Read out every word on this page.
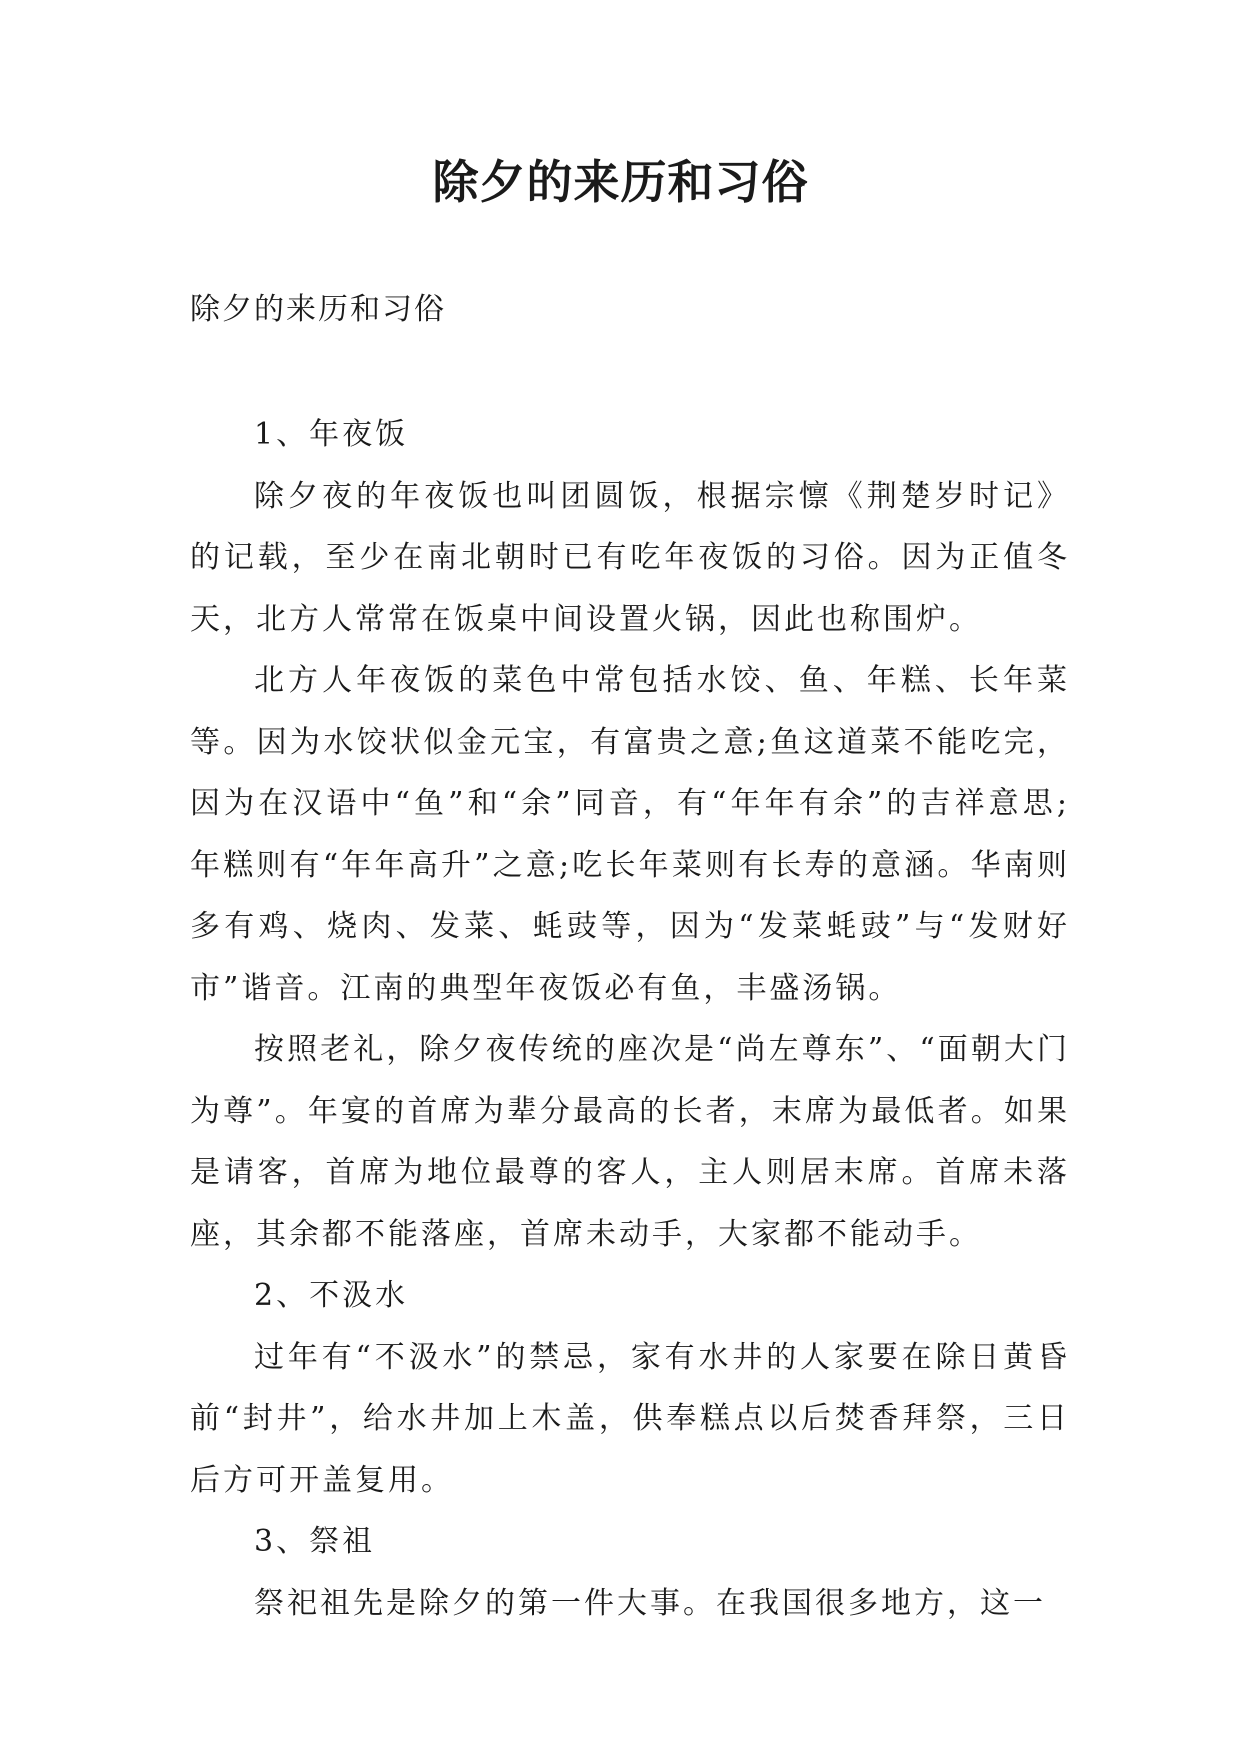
除夕的来历和习俗

除夕的来历和习俗

1、年夜饭

除夕夜的年夜饭也叫团圆饭，根据宗懔《荆楚岁时记》的记载，至少在南北朝时已有吃年夜饭的习俗。因为正值冬天，北方人常常在饭桌中间设置火锅，因此也称围炉。

北方人年夜饭的菜色中常包括水饺、鱼、年糕、长年菜等。因为水饺状似金元宝，有富贵之意;鱼这道菜不能吃完，因为在汉语中“鱼”和“余”同音，有“年年有余”的吉祥意思;年糕则有“年年高升”之意;吃长年菜则有长寿的意涵。华南则多有鸡、烧肉、发菜、蚝豉等，因为“发菜蚝豉”与“发财好市”谐音。江南的典型年夜饭必有鱼，丰盛汤锅。

按照老礼，除夕夜传统的座次是“尚左尊东”、“面朝大门为尊”。年宴的首席为辈分最高的长者，末席为最低者。如果是请客，首席为地位最尊的客人，主人则居末席。首席未落座，其余都不能落座，首席未动手，大家都不能动手。

2、不汲水

过年有“不汲水”的禁忌，家有水井的人家要在除日黄昏前“封井”，给水井加上木盖，供奉糕点以后焚香拜祭，三日后方可开盖复用。

3、祭祖

祭祀祖先是除夕的第一件大事。在我国很多地方，这一
